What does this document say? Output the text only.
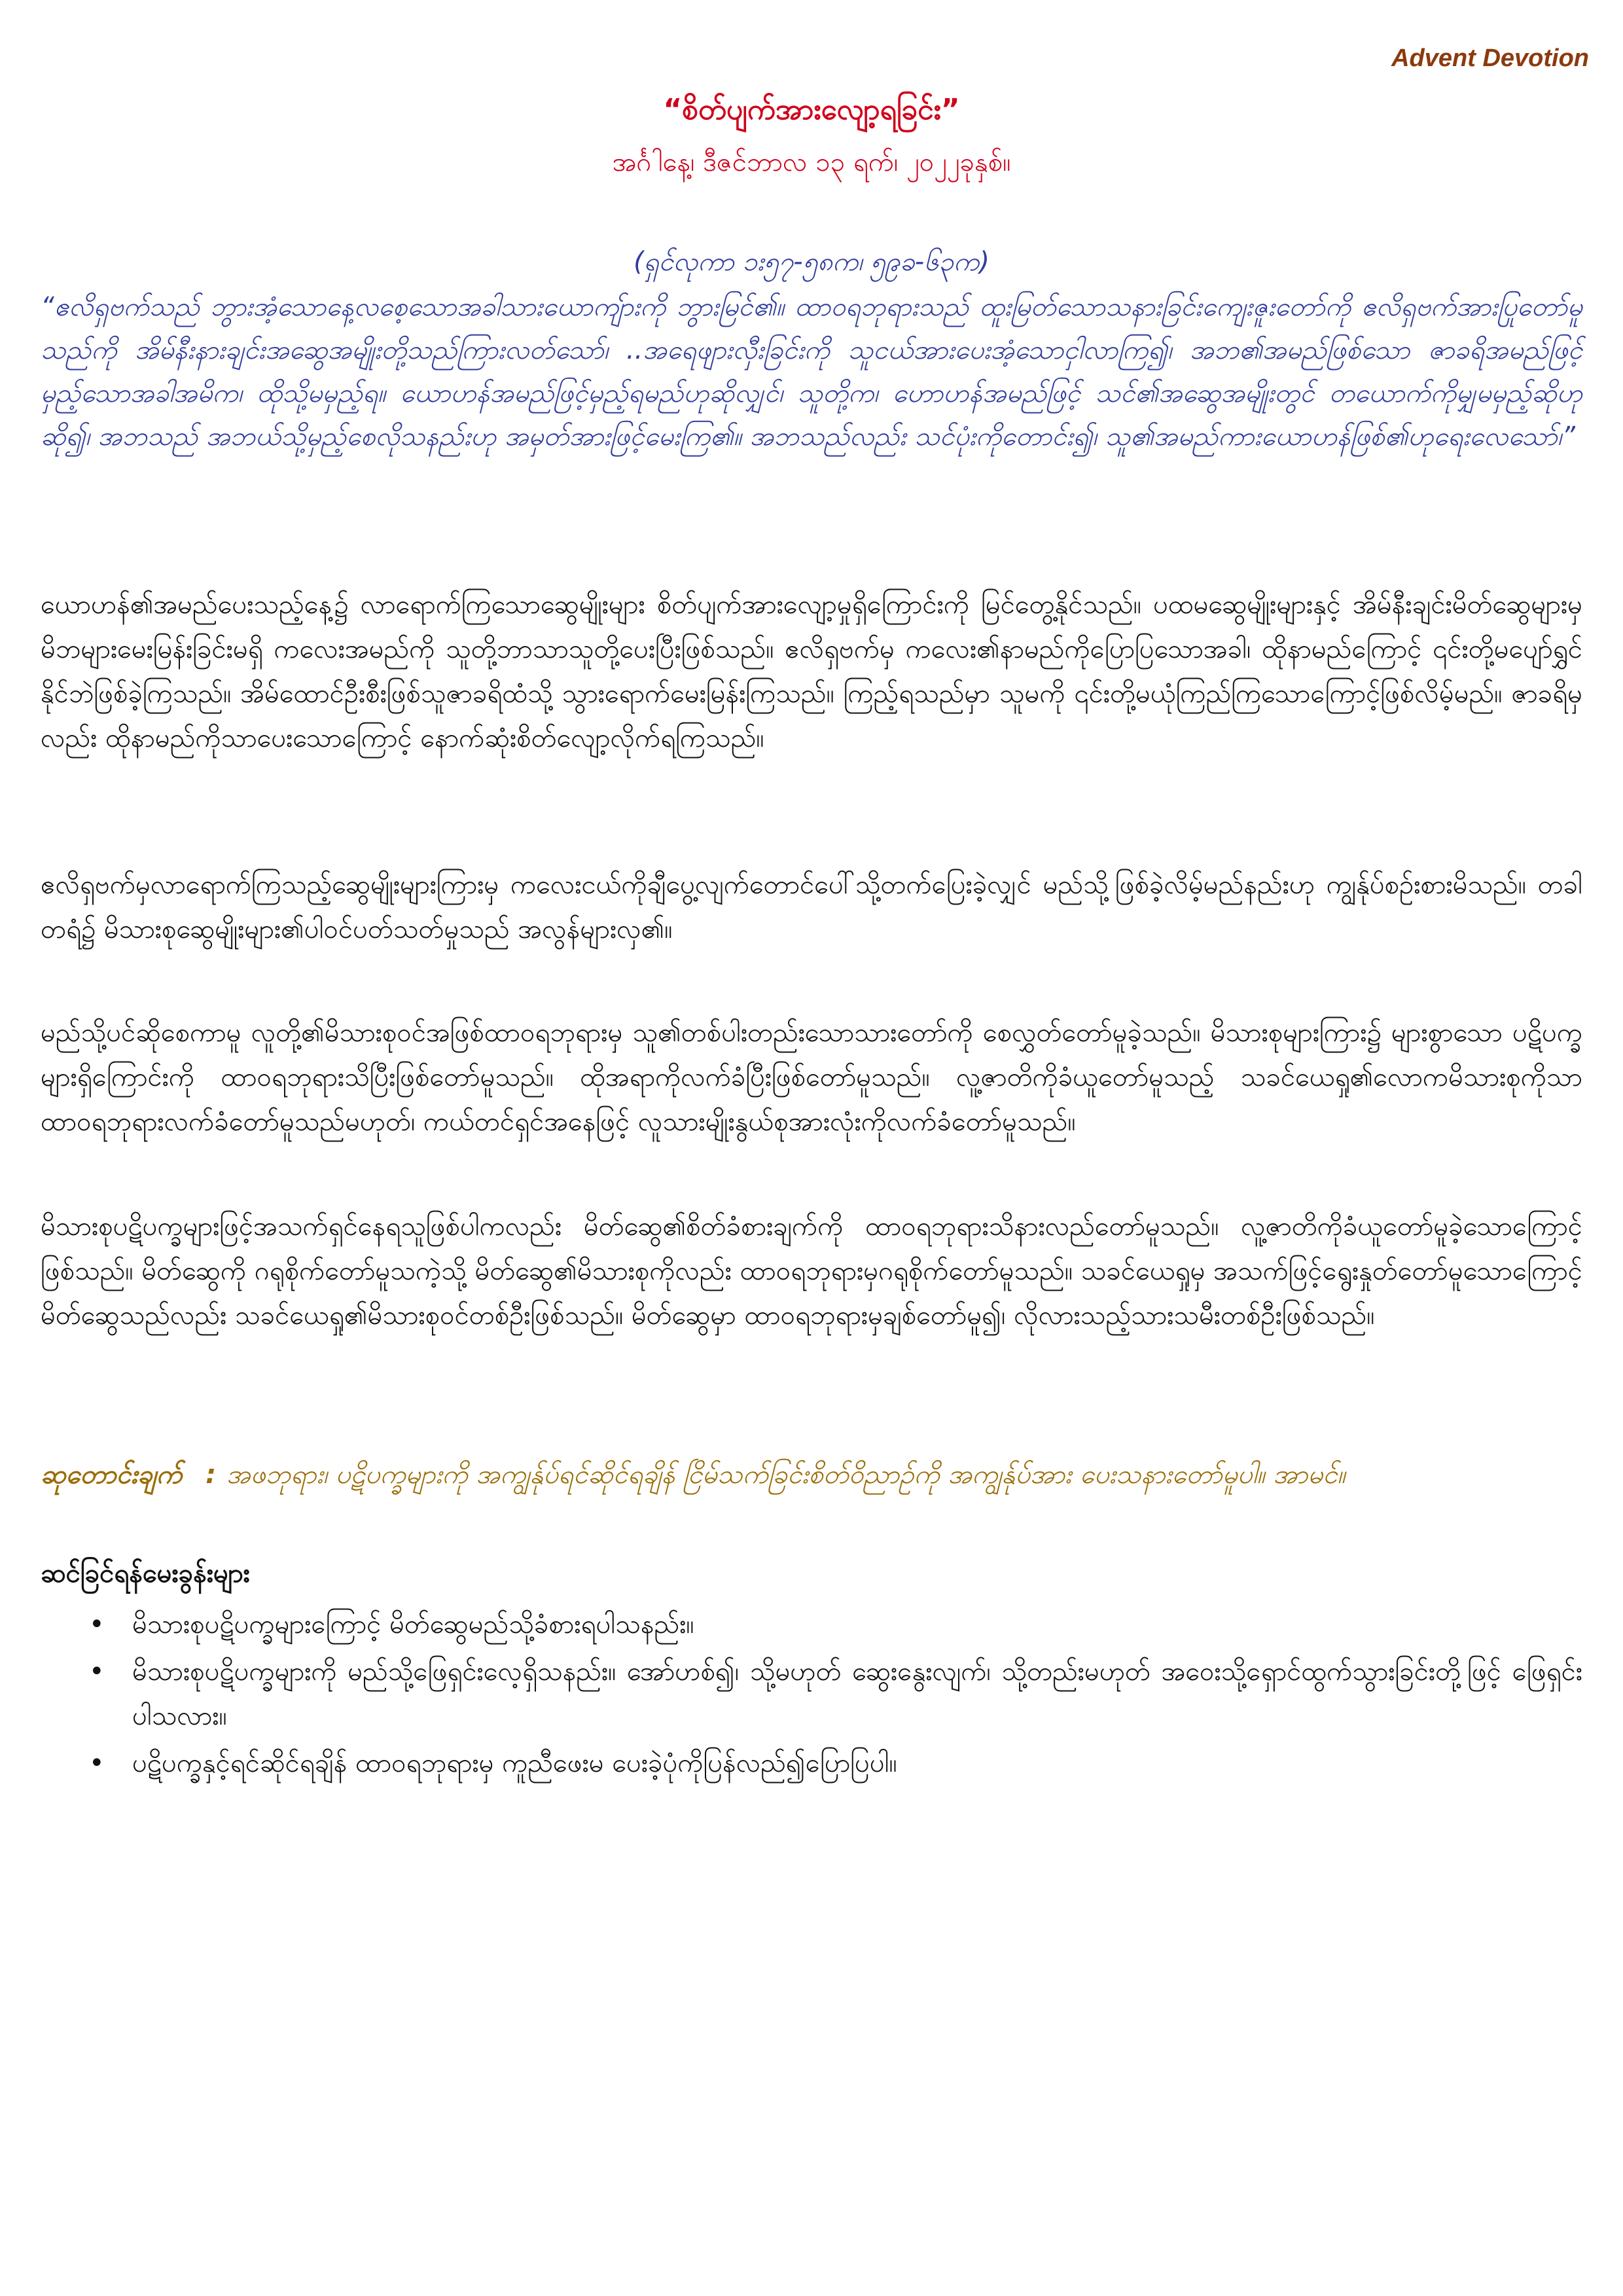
Advent Devotion
“စိတ်ပျက်အားလျော့ရခြင်း”
အင်္ဂါနေ့၊ ဒီဇင်ဘာလ ၁၃ ရက်၊ ၂၀၂၂ခုနှစ်။
(ရှင်လုကာ ၁း၅၇-၅၈က၊ ၅၉ခ-၆၃က)
“ဧလိရှဗက်သည် ဘွားအံ့သောနေ့လစေ့သောအခါသားယောကျ်ားကို ဘွားမြင်၏။ ထာဝရဘုရားသည် ထူးမြတ်သောသနားခြင်းကျေးဇူးတော်ကို ဧလိရှဗက်အားပြုတော်မူသည်ကို အိမ်နီးနားချင်းအဆွေအမျိုးတို့သည်ကြားလတ်သော်၊ ..အရေဖျားလှီးခြင်းကို သူငယ်အားပေးအံ့သောငှါလာကြ၍၊ အဘ၏အမည်ဖြစ်သော ဇာခရိအမည်ဖြင့်မှည့်သောအခါအမိက၊ ထိုသို့မမှည့်ရ။ ယောဟန်အမည်ဖြင့်မှည့်ရမည်ဟုဆိုလျှင်၊ သူတို့က၊ ဟောဟန်အမည်ဖြင့် သင်၏အဆွေအမျိုးတွင် တယောက်ကိုမျှမမှည့်ဆိုဟုဆို၍၊ အဘသည် အဘယ်သို့မှည့်စေလိုသနည်းဟု အမှတ်အားဖြင့်မေးကြ၏။ အဘသည်လည်း သင်ပုံးကိုတောင်း၍၊ သူ၏အမည်ကားယောဟန်ဖြစ်၏ဟုရေးလေသော်၊”
ယောဟန်၏အမည်ပေးသည့်နေ့၌ လာရောက်ကြသောဆွေမျိုးများ စိတ်ပျက်အားလျော့မှုရှိကြောင်းကို မြင်တွေ့နိုင်သည်။ ပထမဆွေမျိုးများနှင့် အိမ်နီးချင်းမိတ်ဆွေများမှ မိဘများမေးမြန်းခြင်းမရှိ ကလေးအမည်ကို သူတို့ဘာသာသူတို့ပေးပြီးဖြစ်သည်။ ဧလိရှဗက်မှ ကလေး၏နာမည်ကိုပြောပြသောအခါ၊ ထိုနာမည်ကြောင့် ၎င်းတို့မပျော်ရွှင်နိုင်ဘဲဖြစ်ခဲ့ကြသည်။ အိမ်ထောင်ဦးစီးဖြစ်သူဇာခရိထံသို့ သွားရောက်မေးမြန်းကြသည်။ ကြည့်ရသည်မှာ သူမကို ၎င်းတို့မယုံကြည်ကြသောကြောင့်ဖြစ်လိမ့်မည်။ ဇာခရိမှလည်း ထိုနာမည်ကိုသာပေးသောကြောင့် နောက်ဆုံးစိတ်လျော့လိုက်ရကြသည်။
ဧလိရှဗက်မှလာရောက်ကြသည့်ဆွေမျိုးများကြားမှ ကလေးငယ်ကိုချီပွေ့လျက်တောင်ပေါ်သို့တက်ပြေးခဲ့လျှင် မည်သို့ဖြစ်ခဲ့လိမ့်မည်နည်းဟု ကျွန်ုပ်စဉ်းစားမိသည်။ တခါတရံ၌ မိသားစုဆွေမျိုးများ၏ပါဝင်ပတ်သတ်မှုသည် အလွန်များလှ၏။
မည်သို့ပင်ဆိုစေကာမူ လူတို့၏မိသားစုဝင်အဖြစ်ထာဝရဘုရားမှ သူ၏တစ်ပါးတည်းသောသားတော်ကို စေလွှတ်တော်မူခဲ့သည်။ မိသားစုများကြား၌ များစွာသော ပဋိပက္ခများရှိကြောင်းကို ထာဝရဘုရားသိပြီးဖြစ်တော်မူသည်။ ထိုအရာကိုလက်ခံပြီးဖြစ်တော်မူသည်။ လူ့ဇာတိကိုခံယူတော်မူသည့် သခင်ယေရှု၏လောကမိသားစုကိုသာ ထာဝရဘုရားလက်ခံတော်မူသည်မဟုတ်၊ ကယ်တင်ရှင်အနေဖြင့် လူသားမျိုးနွယ်စုအားလုံးကိုလက်ခံတော်မူသည်။
မိသားစုပဋိပက္ခများဖြင့်အသက်ရှင်နေရသူဖြစ်ပါကလည်း မိတ်ဆွေ၏စိတ်ခံစားချက်ကို ထာဝရဘုရားသိနားလည်တော်မူသည်။ လူ့ဇာတိကိုခံယူတော်မူခဲ့သောကြောင့်ဖြစ်သည်။ မိတ်ဆွေကို ဂရုစိုက်တော်မူသကဲ့သို့ မိတ်ဆွေ၏မိသားစုကိုလည်း ထာဝရဘုရားမှဂရုစိုက်တော်မူသည်။ သခင်ယေရှုမှ အသက်ဖြင့်ရွေးနှုတ်တော်မူသောကြောင့် မိတ်ဆွေသည်လည်း သခင်ယေရှု၏မိသားစုဝင်တစ်ဦးဖြစ်သည်။ မိတ်ဆွေမှာ ထာဝရဘုရားမှချစ်တော်မူ၍၊ လိုလားသည့်သားသမီးတစ်ဦးဖြစ်သည်။
ဆုတောင်းချက် : အဖဘုရား၊ ပဋိပက္ခများကို အကျွန်ုပ်ရင်ဆိုင်ရချိန် ငြိမ်သက်ခြင်းစိတ်ဝိညာဉ်ကို အကျွန်ုပ်အား ပေးသနားတော်မူပါ။ အာမင်။
ဆင်ခြင်ရန်မေးခွန်းများ
• မိသားစုပဋိပက္ခများကြောင့် မိတ်ဆွေမည်သို့ခံစားရပါသနည်း။
• မိသားစုပဋိပက္ခများကို မည်သို့ဖြေရှင်းလေ့ရှိသနည်း။ အော်ဟစ်၍၊ သို့မဟုတ် ဆွေးနွေးလျက်၊ သို့တည်းမဟုတ် အဝေးသို့ရှောင်ထွက်သွားခြင်းတို့ဖြင့် ဖြေရှင်းပါသလား။
• ပဋိပက္ခနှင့်ရင်ဆိုင်ရချိန် ထာဝရဘုရားမှ ကူညီဖေးမ ပေးခဲ့ပုံကိုပြန်လည်၍ပြောပြပါ။
